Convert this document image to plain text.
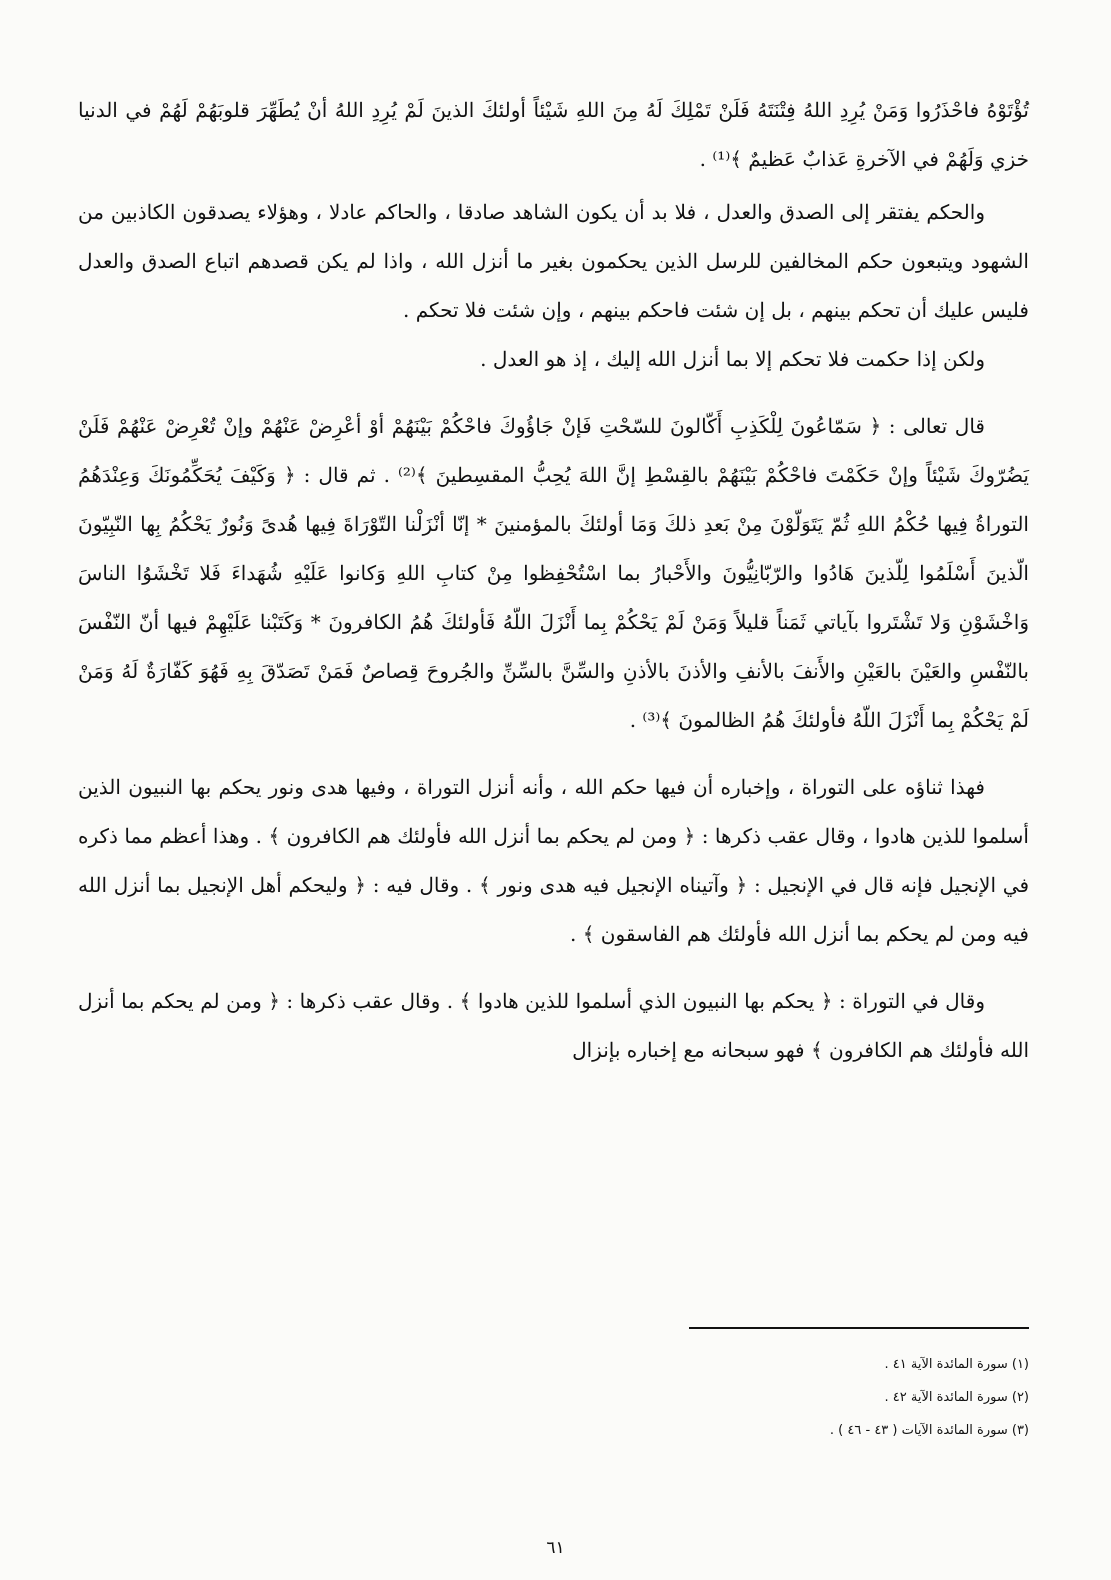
تُؤْتَوْهُ فاحْذَرُوا وَمَنْ يُرِدِ اللهُ فِتْنَتَهُ فَلَنْ تَمْلِكَ لَهُ مِنَ اللهِ شَيْئاً أولئكَ الذينَ لَمْ يُرِدِ اللهُ أنْ يُطَهِّرَ قلوبَهُمْ لَهُمْ في الدنيا خزي وَلَهُمْ في الآخرةِ عَذابٌ عَظيمٌ ﴾⁽¹⁾ .

والحكم يفتقر إلى الصدق والعدل ، فلا بد أن يكون الشاهد صادقا ، والحاكم عادلا ، وهؤلاء يصدقون الكاذبين من الشهود ويتبعون حكم المخالفين للرسل الذين يحكمون بغير ما أنزل الله ، واذا لم يكن قصدهم اتباع الصدق والعدل فليس عليك أن تحكم بينهم ، بل إن شئت فاحكم بينهم ، وإن شئت فلا تحكم .

ولكن إذا حكمت فلا تحكم إلا بما أنزل الله إليك ، إذ هو العدل .

قال تعالى : ﴿ سَمّاعُونَ لِلْكَذِبِ أَكّالونَ للسّحْتِ فَإنْ جَاؤُوكَ فاحْكُمْ بَيْنَهُمْ أوْ أعْرِضْ عَنْهُمْ وإنْ تُعْرِضْ عَنْهُمْ فَلَنْ يَضُرّوكَ شَيْئاً وإنْ حَكَمْتَ فاحْكُمْ بَيْنَهُمْ بالقِسْطِ إنَّ اللهَ يُحِبُّ المقسِطينَ ﴾⁽²⁾ . ثم قال : ﴿ وَكَيْفَ يُحَكِّمُونَكَ وَعِنْدَهُمُ التوراةُ فِيها حُكْمُ اللهِ ثُمّ يَتَوَلّوْنَ مِنْ بَعدِ ذلكَ وَمَا أولئكَ بالمؤمنينَ * إنّا أنْزَلْنا التّوْرَاةَ فِيها هُدىً وَنُورٌ يَحْكُمُ بِها النّبِيّونَ الّذينَ أَسْلَمُوا لِلّذينَ هَادُوا والرّبّانِيُّونَ والأَحْبارُ بما اسْتُحْفِظوا مِنْ كتابِ اللهِ وَكانوا عَلَيْهِ شُهَداءَ فَلا تَخْشَوُا الناسَ وَاخْشَوْنِ وَلا تَشْتَروا بآياتي ثَمَناً قليلاً وَمَنْ لَمْ يَحْكُمْ بِما أَنْزَلَ اللّهُ فَأولئكَ هُمُ الكافرونَ * وَكَتَبْنا عَلَيْهِمْ فيها أنّ النّفْسَ بالنّفْسِ والعَيْنَ بالعَيْنِ والأَنفَ بالأنفِ والأذنَ بالأذنِ والسِّنَّ بالسِّنِّ والجُروحَ قِصاصٌ فَمَنْ تَصَدّقَ بِهِ فَهُوَ كَفّارَةٌ لَهُ وَمَنْ لَمْ يَحْكُمْ بِما أَنْزَلَ اللّهُ فأولئكَ هُمُ الظالمونَ ﴾⁽³⁾ .

فهذا ثناؤه على التوراة ، وإخباره أن فيها حكم الله ، وأنه أنزل التوراة ، وفيها هدى ونور يحكم بها النبيون الذين أسلموا للذين هادوا ، وقال عقب ذكرها : ﴿ ومن لم يحكم بما أنزل الله فأولئك هم الكافرون ﴾ . وهذا أعظم مما ذكره في الإنجيل فإنه قال في الإنجيل : ﴿ وآتيناه الإنجيل فيه هدى ونور ﴾ . وقال فيه : ﴿ وليحكم أهل الإنجيل بما أنزل الله فيه ومن لم يحكم بما أنزل الله فأولئك هم الفاسقون ﴾ .

وقال في التوراة : ﴿ يحكم بها النبيون الذي أسلموا للذين هادوا ﴾ . وقال عقب ذكرها : ﴿ ومن لم يحكم بما أنزل الله فأولئك هم الكافرون ﴾ فهو سبحانه مع إخباره بإنزال

(١) سورة المائدة الآية ٤١ .
(٢) سورة المائدة الآية ٤٢ .
(٣) سورة المائدة الآيات ( ٤٣ - ٤٦ ) .
٦١
